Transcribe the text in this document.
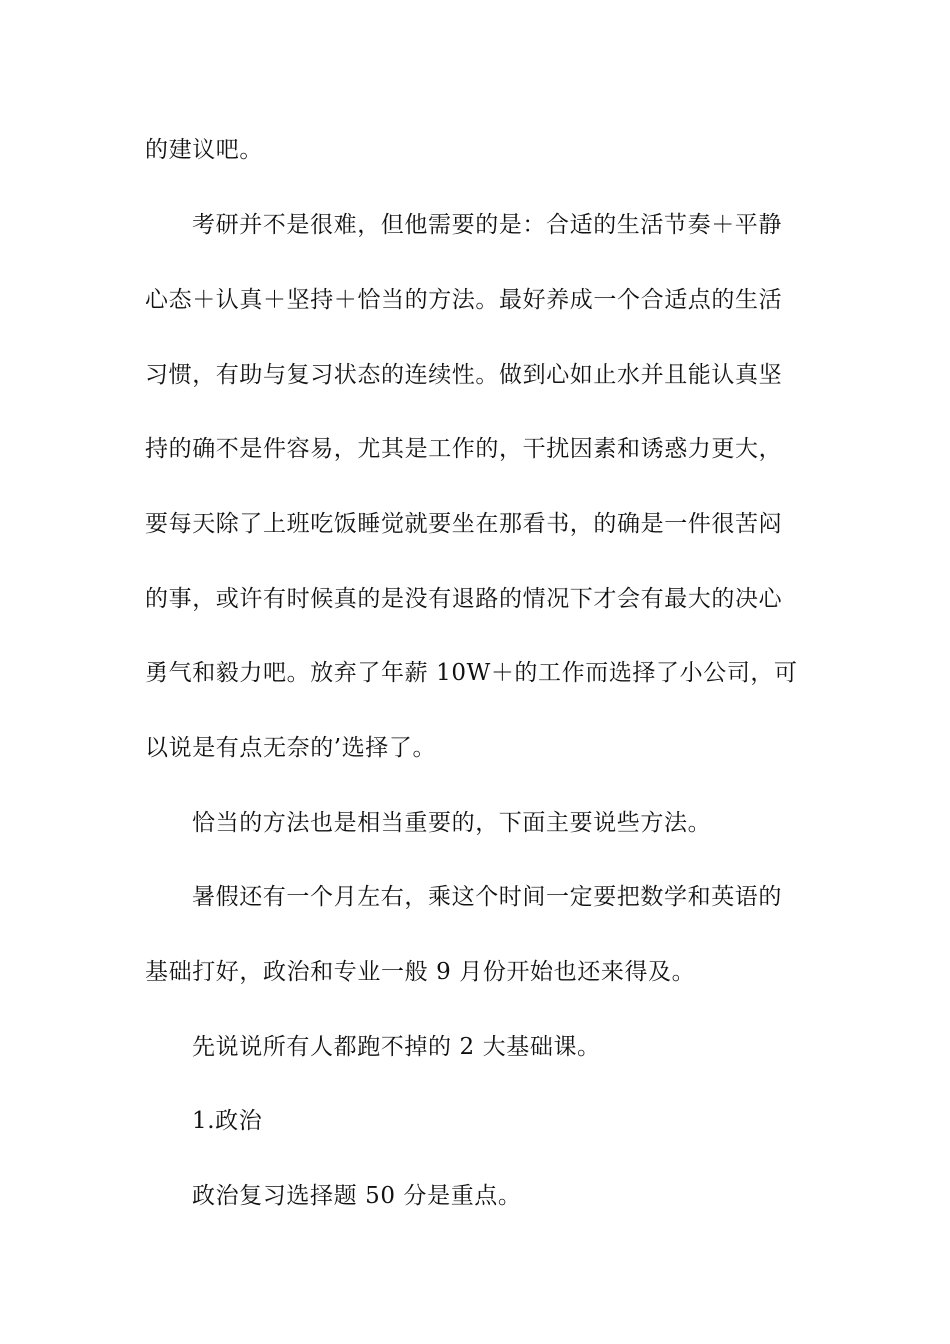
的建议吧。

考研并不是很难，但他需要的是：合适的生活节奏＋平静

心态＋认真＋坚持＋恰当的方法。最好养成一个合适点的生活

习惯，有助与复习状态的连续性。做到心如止水并且能认真坚

持的确不是件容易，尤其是工作的，干扰因素和诱惑力更大，

要每天除了上班吃饭睡觉就要坐在那看书，的确是一件很苦闷

的事，或许有时候真的是没有退路的情况下才会有最大的决心

勇气和毅力吧。放弃了年薪 10W＋的工作而选择了小公司，可

以说是有点无奈的’选择了。

恰当的方法也是相当重要的，下面主要说些方法。

暑假还有一个月左右，乘这个时间一定要把数学和英语的

基础打好，政治和专业一般 9 月份开始也还来得及。

先说说所有人都跑不掉的 2 大基础课。

1.政治

政治复习选择题 50 分是重点。
